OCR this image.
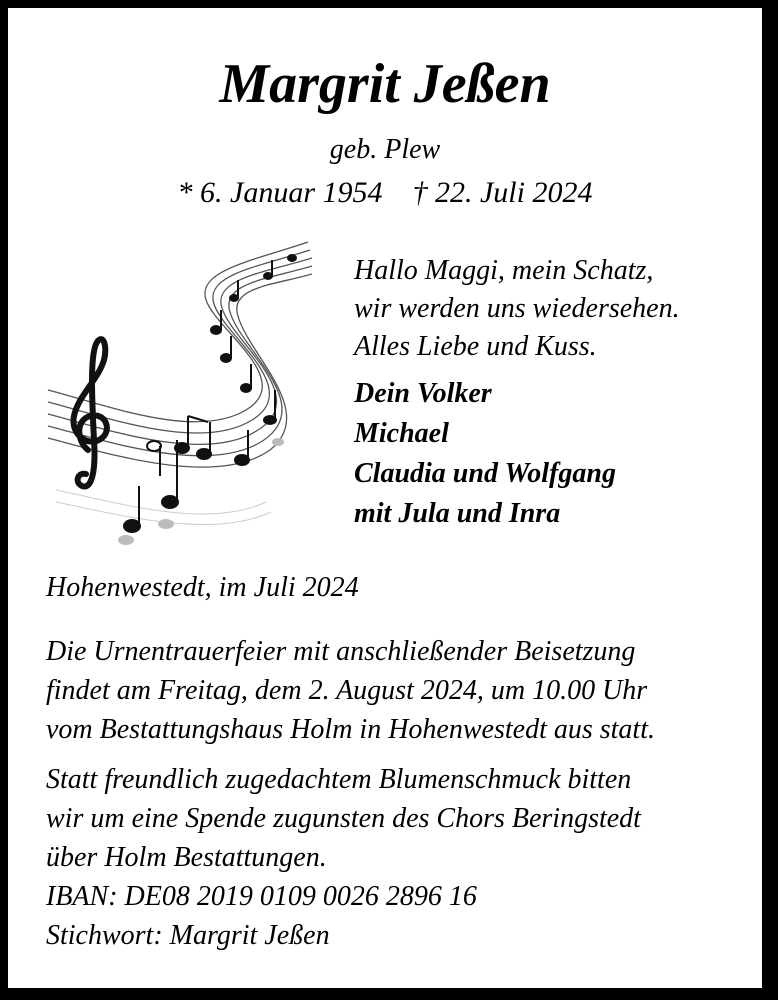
Margrit Jeßen
geb. Plew
* 6. Januar 1954    † 22. Juli 2024
Hallo Maggi, mein Schatz,
wir werden uns wiedersehen.
Alles Liebe und Kuss.
Dein Volker
Michael
Claudia und Wolfgang
mit Jula und Inra
Hohenwestedt, im Juli 2024
Die Urnentrauerfeier mit anschließender Beisetzung
findet am Freitag, dem 2. August 2024, um 10.00 Uhr
vom Bestattungshaus Holm in Hohenwestedt aus statt.
Statt freundlich zugedachtem Blumenschmuck bitten
wir um eine Spende zugunsten des Chors Beringstedt
über Holm Bestattungen.
IBAN: DE08 2019 0109 0026 2896 16
Stichwort: Margrit Jeßen
